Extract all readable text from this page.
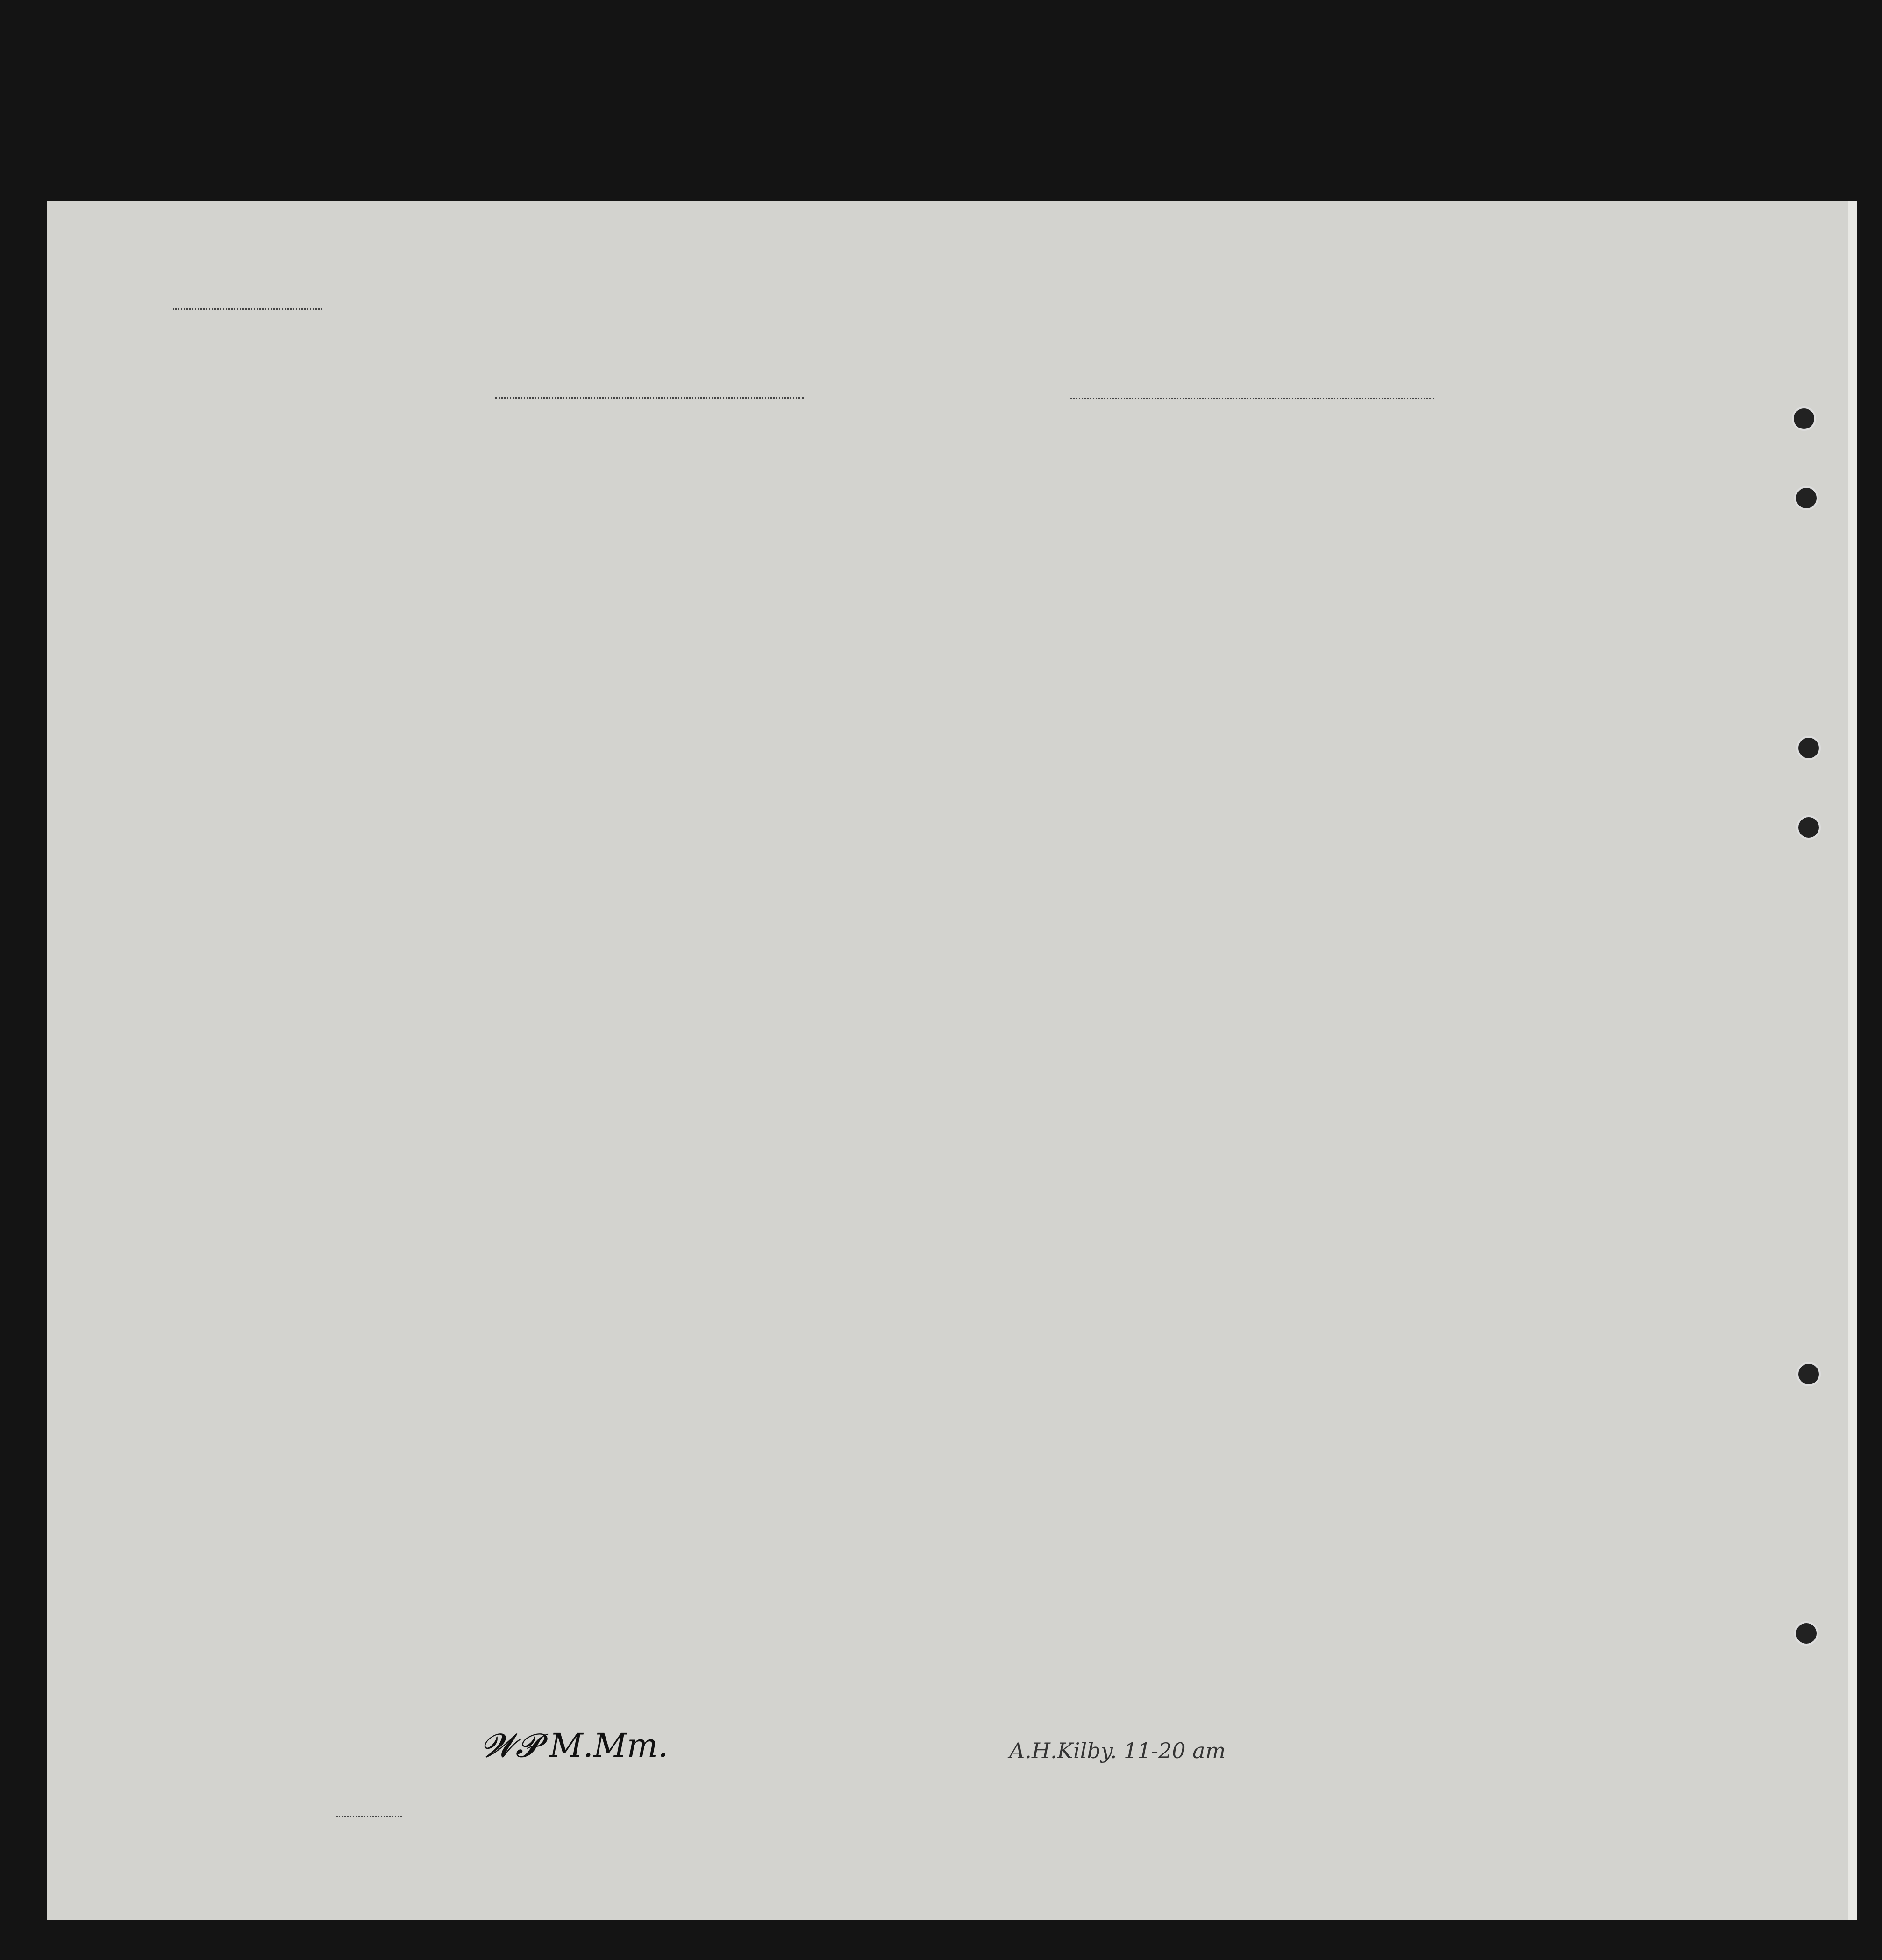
𝓦𝓟 M.Mm.	A.H.Kilby. 11-20 am
